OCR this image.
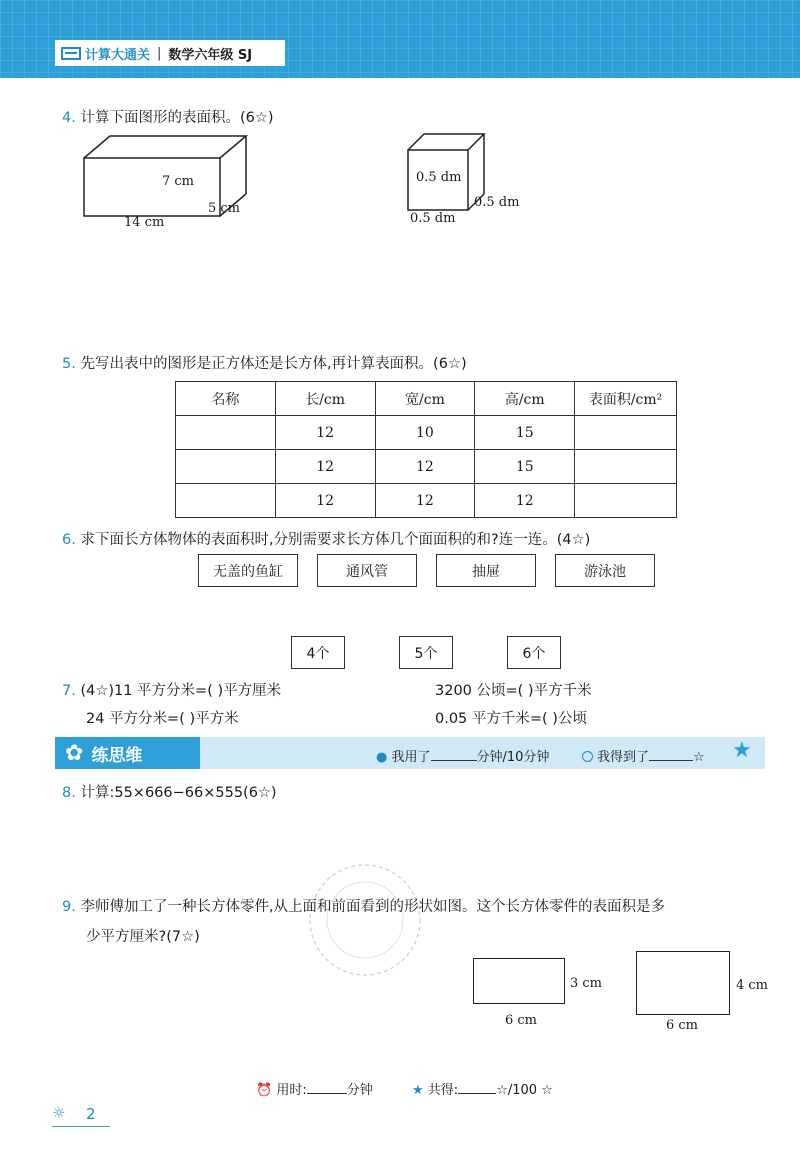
计算大通关 | 数学六年级 SJ
4. 计算下面图形的表面积。(6☆)
7 cm
5 cm
14 cm
0.5 dm
0.5 dm
0.5 dm
5. 先写出表中的图形是正方体还是长方体,再计算表面积。(6☆)
名称	长/cm	宽/cm	高/cm	表面积/cm²
	12	10	15	
	12	12	15	
	12	12	12	
6. 求下面长方体物体的表面积时,分别需要求长方体几个面面积的和?连一连。(4☆)
无盖的鱼缸	通风管	抽屉	游泳池
4个	5个	6个
7. (4☆)11 平方分米=( )平方厘米	3200 公顷=( )平方千米
24 平方分米=( )平方米	0.05 平方千米=( )公顷
✿ 练思维	● 我用了	分钟/10分钟	我得到了	☆ ★
8. 计算:55×666−66×555(6☆)
9. 李师傅加工了一种长方体零件,从上面和前面看到的形状如图。这个长方体零件的表面积是多
少平方厘米?(7☆)
3 cm
6 cm
4 cm
6 cm
⏰ 用时:	分钟	★ 共得:	☆/100 ☆
☼ 2
